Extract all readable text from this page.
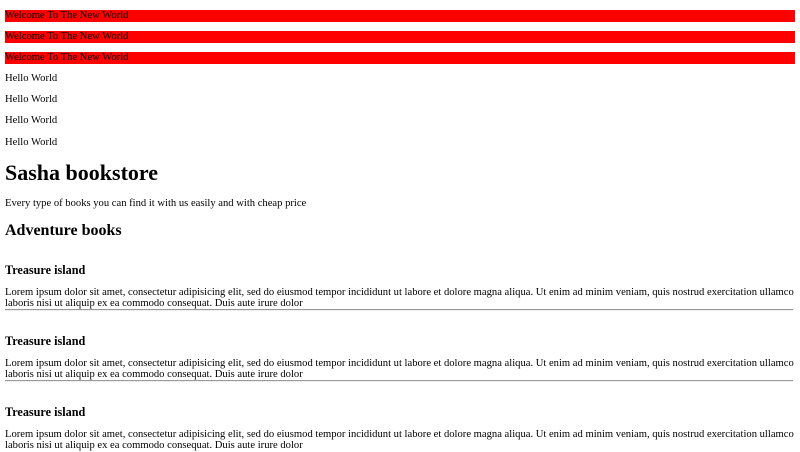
Welcome To The New World
Welcome To The New World
Welcome To The New World
Hello World
Hello World
Hello World
Hello World
Sasha bookstore

Every type of books you can find it with us easily and with cheap price

Adventure books
Treasure island

Lorem ipsum dolor sit amet, consectetur adipisicing elit, sed do eiusmod tempor incididunt ut labore et dolore magna aliqua. Ut enim ad minim veniam, quis nostrud exercitation ullamco laboris nisi ut aliquip ex ea commodo consequat. Duis aute irure dolor

Treasure island

Lorem ipsum dolor sit amet, consectetur adipisicing elit, sed do eiusmod tempor incididunt ut labore et dolore magna aliqua. Ut enim ad minim veniam, quis nostrud exercitation ullamco laboris nisi ut aliquip ex ea commodo consequat. Duis aute irure dolor

Treasure island

Lorem ipsum dolor sit amet, consectetur adipisicing elit, sed do eiusmod tempor incididunt ut labore et dolore magna aliqua. Ut enim ad minim veniam, quis nostrud exercitation ullamco laboris nisi ut aliquip ex ea commodo consequat. Duis aute irure dolor
